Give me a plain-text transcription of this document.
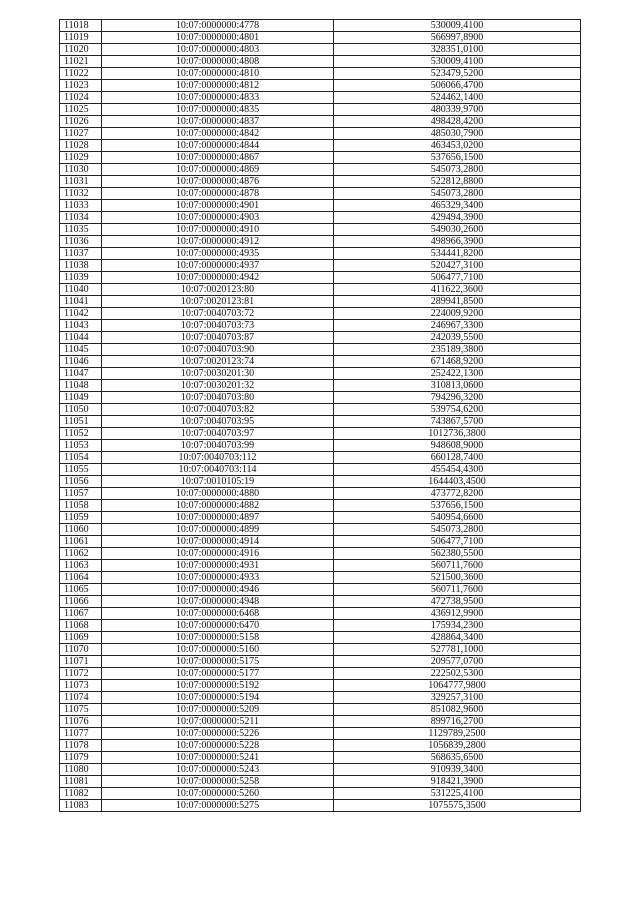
11018	10:07:0000000:4778	530009,4100
11019	10:07:0000000:4801	566997,8900
11020	10:07:0000000:4803	328351,0100
11021	10:07:0000000:4808	530009,4100
11022	10:07:0000000:4810	523479,5200
11023	10:07:0000000:4812	506066,4700
11024	10:07:0000000:4833	524462,1400
11025	10:07:0000000:4835	480339,9700
11026	10:07:0000000:4837	498428,4200
11027	10:07:0000000:4842	485030,7900
11028	10:07:0000000:4844	463453,0200
11029	10:07:0000000:4867	537656,1500
11030	10:07:0000000:4869	545073,2800
11031	10:07:0000000:4876	522812,8800
11032	10:07:0000000:4878	545073,2800
11033	10:07:0000000:4901	465329,3400
11034	10:07:0000000:4903	429494,3900
11035	10:07:0000000:4910	549030,2600
11036	10:07:0000000:4912	498966,3900
11037	10:07:0000000:4935	534441,8200
11038	10:07:0000000:4937	520427,3100
11039	10:07:0000000:4942	506477,7100
11040	10:07:0020123:80	411622,3600
11041	10:07:0020123:81	289941,8500
11042	10:07:0040703:72	224009,9200
11043	10:07:0040703:73	246967,3300
11044	10:07:0040703:87	242039,5500
11045	10:07:0040703:90	235189,3800
11046	10:07:0020123:74	671468,9200
11047	10:07:0030201:30	252422,1300
11048	10:07:0030201:32	310813,0600
11049	10:07:0040703:80	794296,3200
11050	10:07:0040703:82	539754,6200
11051	10:07:0040703:95	743867,5700
11052	10:07:0040703:97	1012736,3800
11053	10:07:0040703:99	948608,9000
11054	10:07:0040703:112	660128,7400
11055	10:07:0040703:114	455454,4300
11056	10:07:0010105:19	1644403,4500
11057	10:07:0000000:4880	473772,8200
11058	10:07:0000000:4882	537656,1500
11059	10:07:0000000:4897	540954,6600
11060	10:07:0000000:4899	545073,2800
11061	10:07:0000000:4914	506477,7100
11062	10:07:0000000:4916	562380,5500
11063	10:07:0000000:4931	560711,7600
11064	10:07:0000000:4933	521500,3600
11065	10:07:0000000:4946	560711,7600
11066	10:07:0000000:4948	472738,9500
11067	10:07:0000000:6468	436912,9900
11068	10:07:0000000:6470	175934,2300
11069	10:07:0000000:5158	428864,3400
11070	10:07:0000000:5160	527781,1000
11071	10:07:0000000:5175	209577,0700
11072	10:07:0000000:5177	222502,5300
11073	10:07:0000000:5192	1064777,9800
11074	10:07:0000000:5194	329257,3100
11075	10:07:0000000:5209	851082,9600
11076	10:07:0000000:5211	899716,2700
11077	10:07:0000000:5226	1129789,2500
11078	10:07:0000000:5228	1056839,2800
11079	10:07:0000000:5241	568635,6500
11080	10:07:0000000:5243	910939,3400
11081	10:07:0000000:5258	918421,3900
11082	10:07:0000000:5260	531225,4100
11083	10:07:0000000:5275	1075575,3500
